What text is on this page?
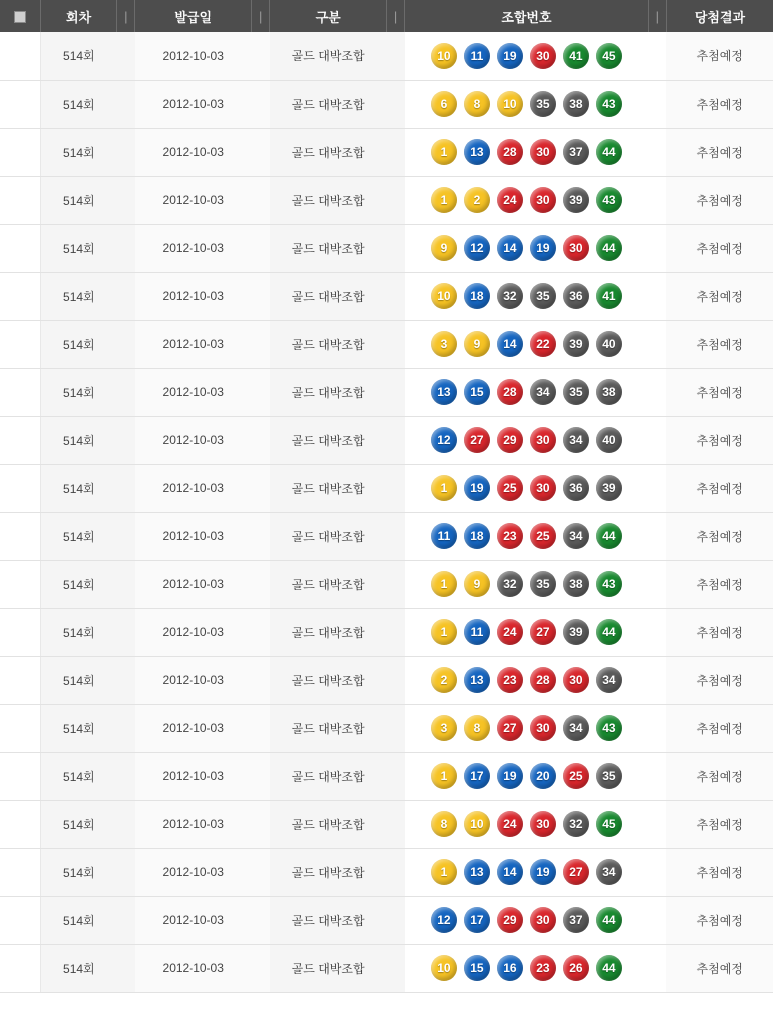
	회차	|	발급일	|	구분	|	조합번호	|	당첨결과
	514회		2012-10-03		골드 대박조합		10	11	19	30	41	45		추첨예정
	514회		2012-10-03		골드 대박조합		6	8	10	35	38	43		추첨예정
	514회		2012-10-03		골드 대박조합		1	13	28	30	37	44		추첨예정
	514회		2012-10-03		골드 대박조합		1	2	24	30	39	43		추첨예정
	514회		2012-10-03		골드 대박조합		9	12	14	19	30	44		추첨예정
	514회		2012-10-03		골드 대박조합		10	18	32	35	36	41		추첨예정
	514회		2012-10-03		골드 대박조합		3	9	14	22	39	40		추첨예정
	514회		2012-10-03		골드 대박조합		13	15	28	34	35	38		추첨예정
	514회		2012-10-03		골드 대박조합		12	27	29	30	34	40		추첨예정
	514회		2012-10-03		골드 대박조합		1	19	25	30	36	39		추첨예정
	514회		2012-10-03		골드 대박조합		11	18	23	25	34	44		추첨예정
	514회		2012-10-03		골드 대박조합		1	9	32	35	38	43		추첨예정
	514회		2012-10-03		골드 대박조합		1	11	24	27	39	44		추첨예정
	514회		2012-10-03		골드 대박조합		2	13	23	28	30	34		추첨예정
	514회		2012-10-03		골드 대박조합		3	8	27	30	34	43		추첨예정
	514회		2012-10-03		골드 대박조합		1	17	19	20	25	35		추첨예정
	514회		2012-10-03		골드 대박조합		8	10	24	30	32	45		추첨예정
	514회		2012-10-03		골드 대박조합		1	13	14	19	27	34		추첨예정
	514회		2012-10-03		골드 대박조합		12	17	29	30	37	44		추첨예정
	514회		2012-10-03		골드 대박조합		10	15	16	23	26	44		추첨예정
